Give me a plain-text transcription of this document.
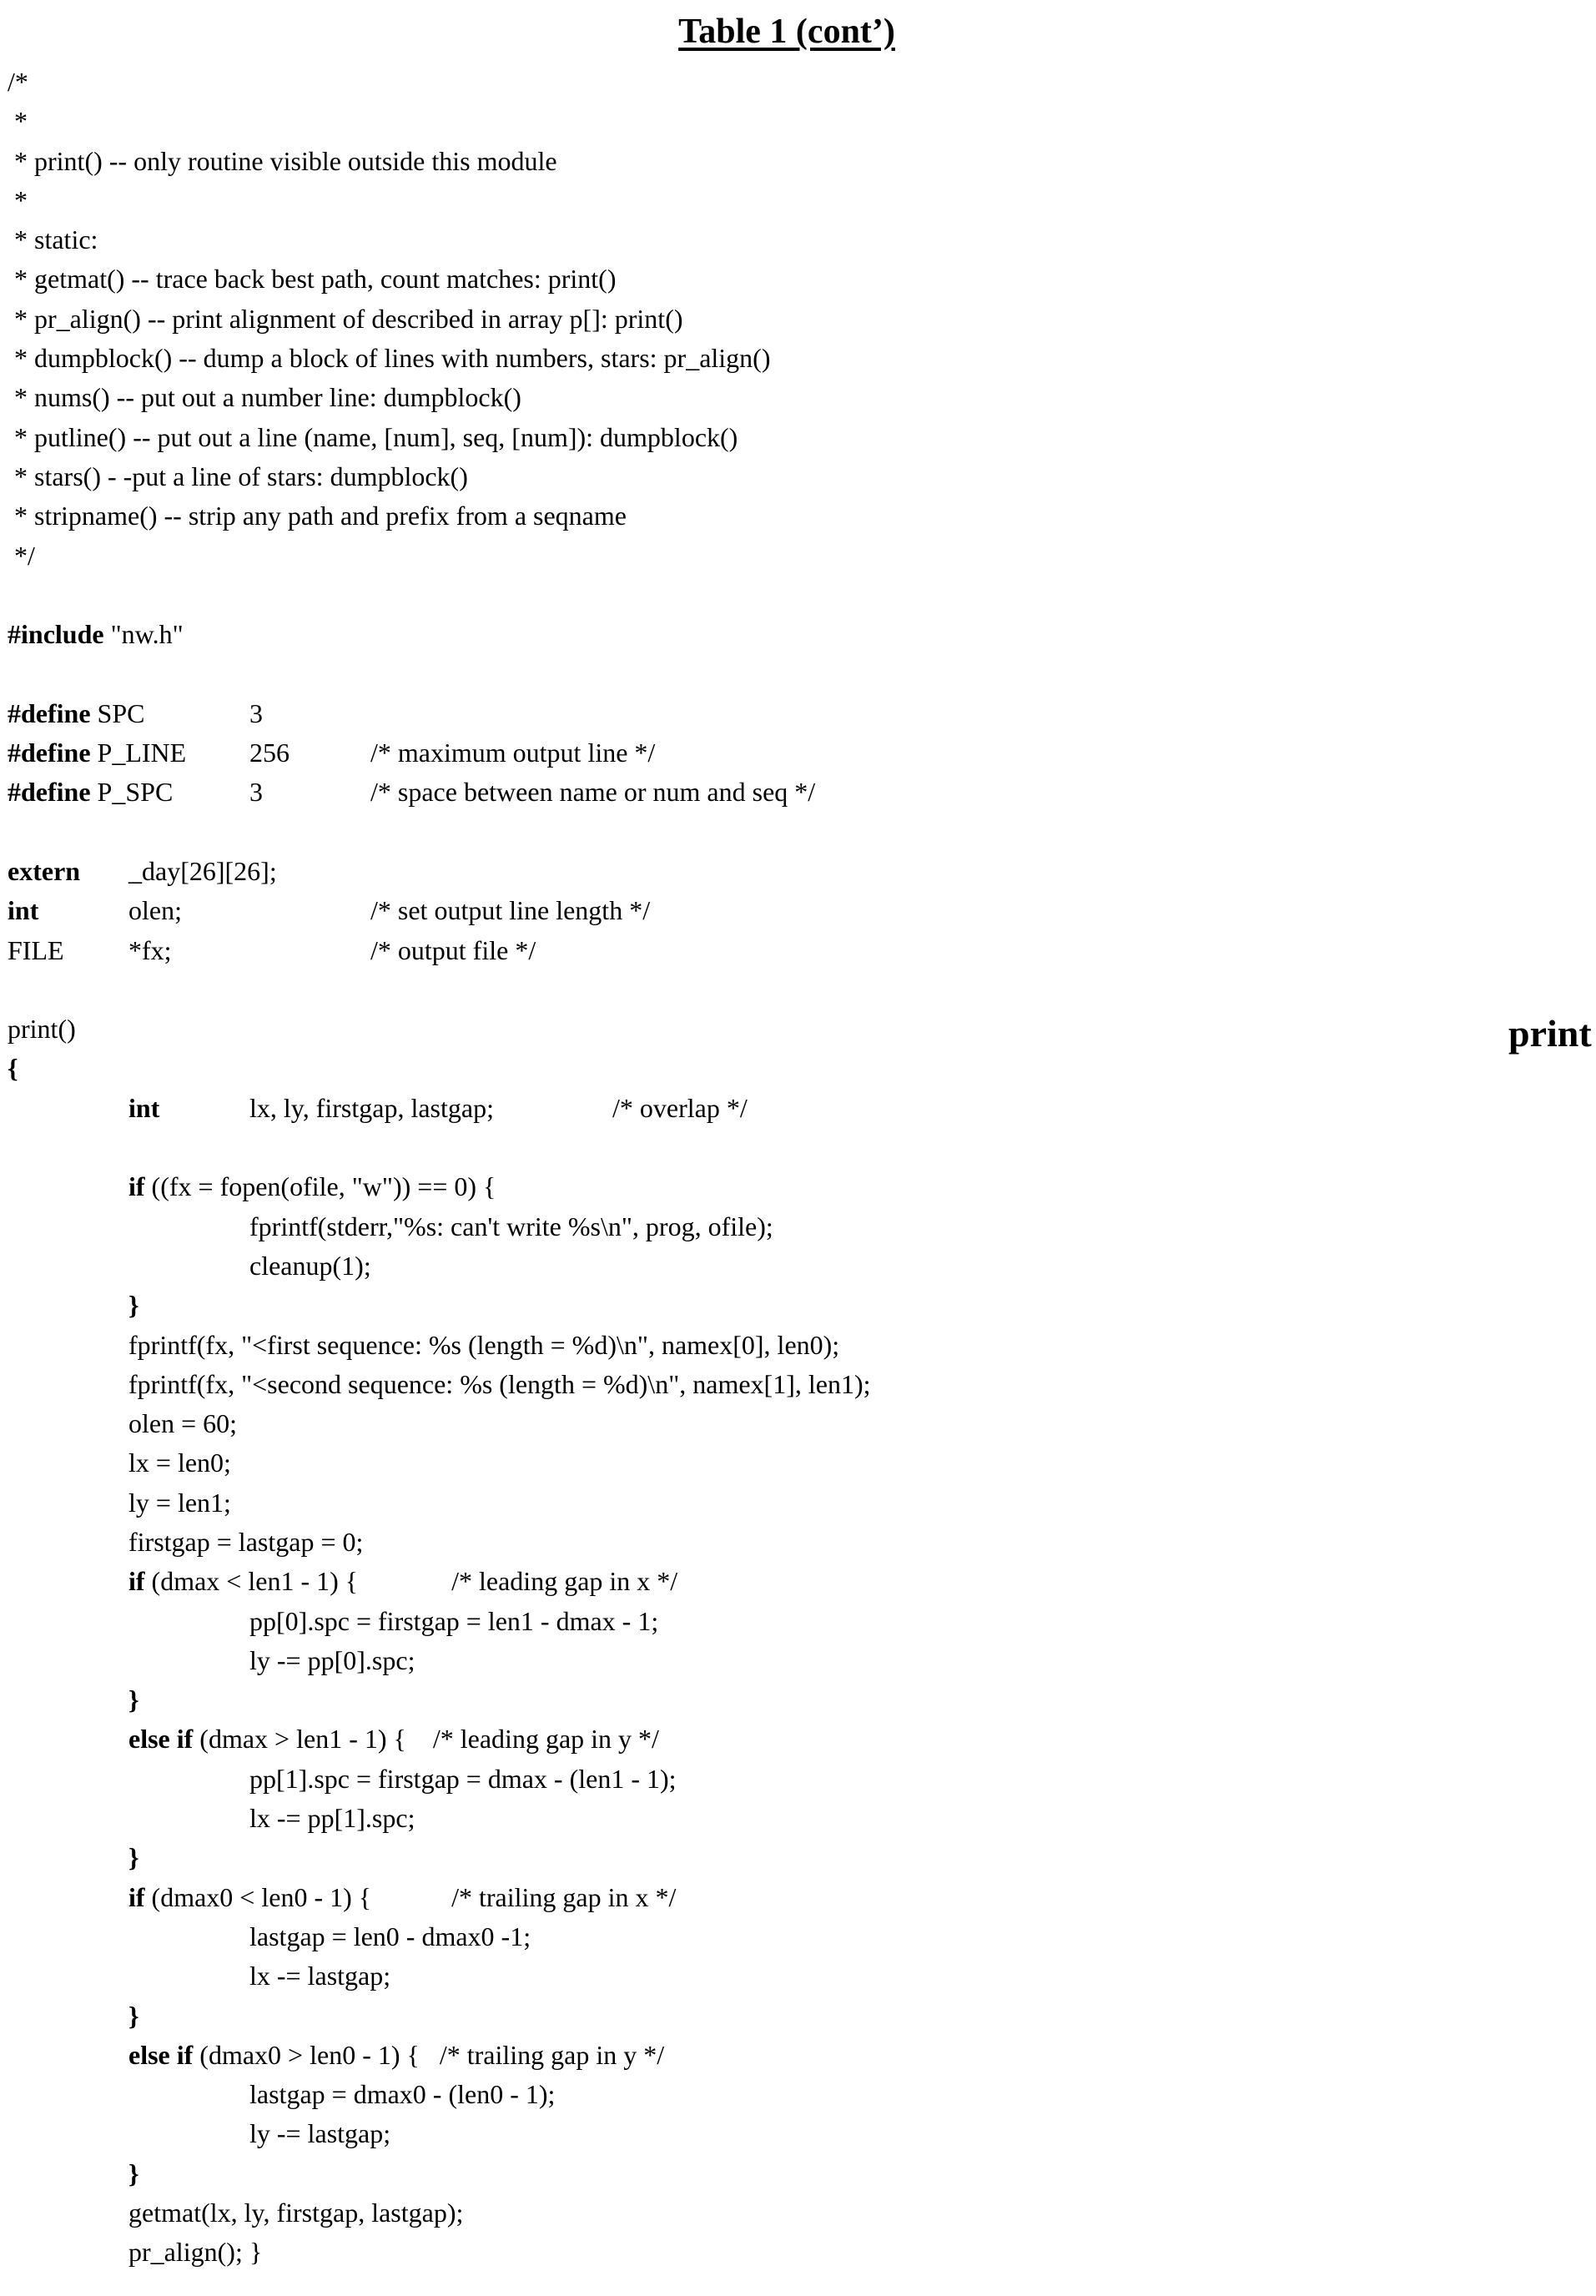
Table 1 (cont’)
/*
*
* print() -- only routine visible outside this module
*
* static:
* getmat() -- trace back best path, count matches: print()
* pr_align() -- print alignment of described in array p[]: print()
* dumpblock() -- dump a block of lines with numbers, stars: pr_align()
* nums() -- put out a number line: dumpblock()
* putline() -- put out a line (name, [num], seq, [num]): dumpblock()
* stars() - -put a line of stars: dumpblock()
* stripname() -- strip any path and prefix from a seqname
*/
#include "nw.h"
#define SPC	3
#define P_LINE	256	/* maximum output line */
#define P_SPC	3	/* space between name or num and seq */
extern	_day[26][26];
int	olen;		/* set output line length */
FILE	*fx;		/* output file */
print()
{
	int	lx, ly, firstgap, lastgap;	/* overlap */
	if ((fx = fopen(ofile, "w")) == 0) {
		fprintf(stderr,"%s: can't write %s\n", prog, ofile);
		cleanup(1);
	}
	fprintf(fx, "<first sequence: %s (length = %d)\n", namex[0], len0);
	fprintf(fx, "<second sequence: %s (length = %d)\n", namex[1], len1);
	olen = 60;
	lx = len0;
	ly = len1;
	firstgap = lastgap = 0;
	if (dmax < len1 - 1) {              /* leading gap in x */
		pp[0].spc = firstgap = len1 - dmax - 1;
		ly -= pp[0].spc;
	}
	else if (dmax > len1 - 1) {    /* leading gap in y */
		pp[1].spc = firstgap = dmax - (len1 - 1);
		lx -= pp[1].spc;
	}
	if (dmax0 < len0 - 1) {            /* trailing gap in x */
		lastgap = len0 - dmax0 -1;
		lx -= lastgap;
	}
	else if (dmax0 > len0 - 1) {   /* trailing gap in y */
		lastgap = dmax0 - (len0 - 1);
		ly -= lastgap;
	}
	getmat(lx, ly, firstgap, lastgap);
	pr_align();	}
print
